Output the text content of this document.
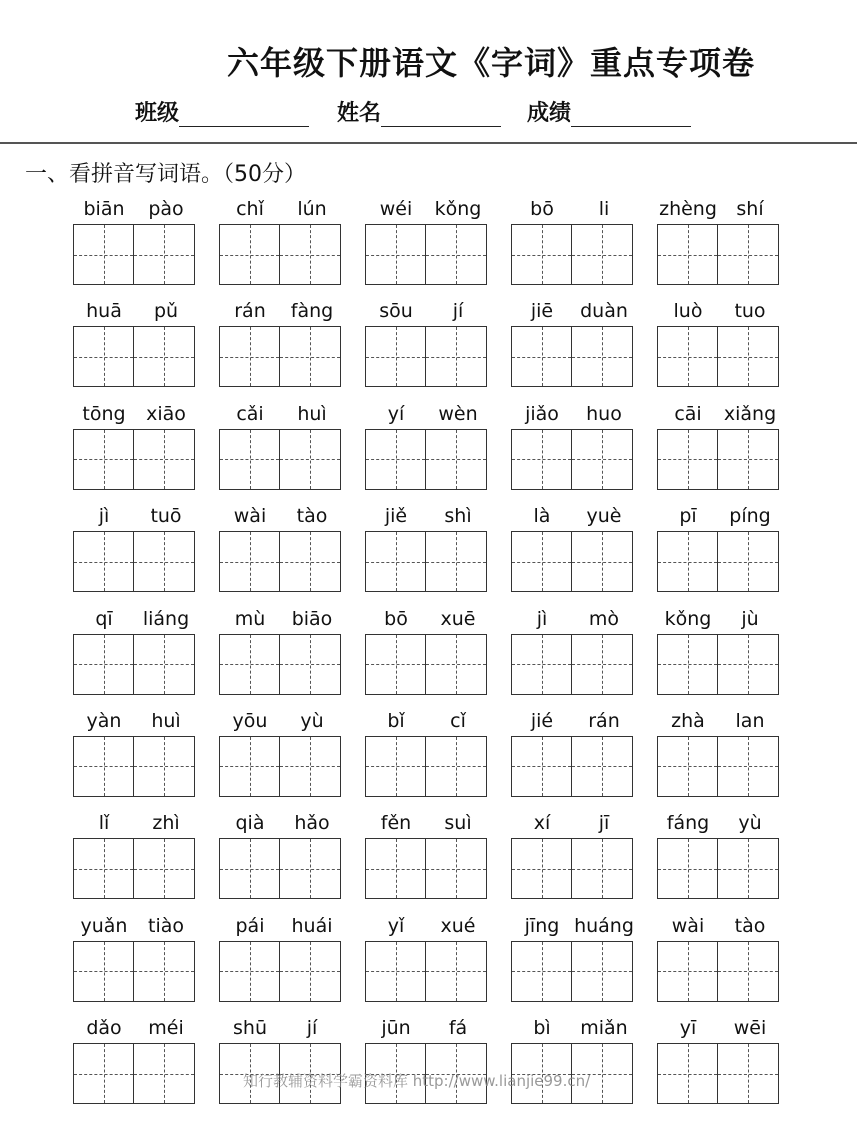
六年级下册语文《字词》重点专项卷
班级	姓名	成绩
一、看拼音写词语。（50分）
biān	pào	chǐ	lún	wéi	kǒng	bō	li	zhèng	shí
huā	pǔ	rán	fàng	sōu	jí	jiē	duàn	luò	tuo
tōng	xiāo	cǎi	huì	yí	wèn	jiǎo	huo	cāi	xiǎng
jì	tuō	wài	tào	jiě	shì	là	yuè	pī	píng
qī	liáng	mù	biāo	bō	xuē	jì	mò	kǒng	jù
yàn	huì	yōu	yù	bǐ	cǐ	jié	rán	zhà	lan
lǐ	zhì	qià	hǎo	fěn	suì	xí	jī	fáng	yù
yuǎn	tiào	pái	huái	yǐ	xué	jīng huáng	wài	tào
dǎo	méi	shū	jí	jūn	fá	bì	miǎn	yī	wēi
知行教辅资料学霸资料库 http://www.lianjie99.cn/
